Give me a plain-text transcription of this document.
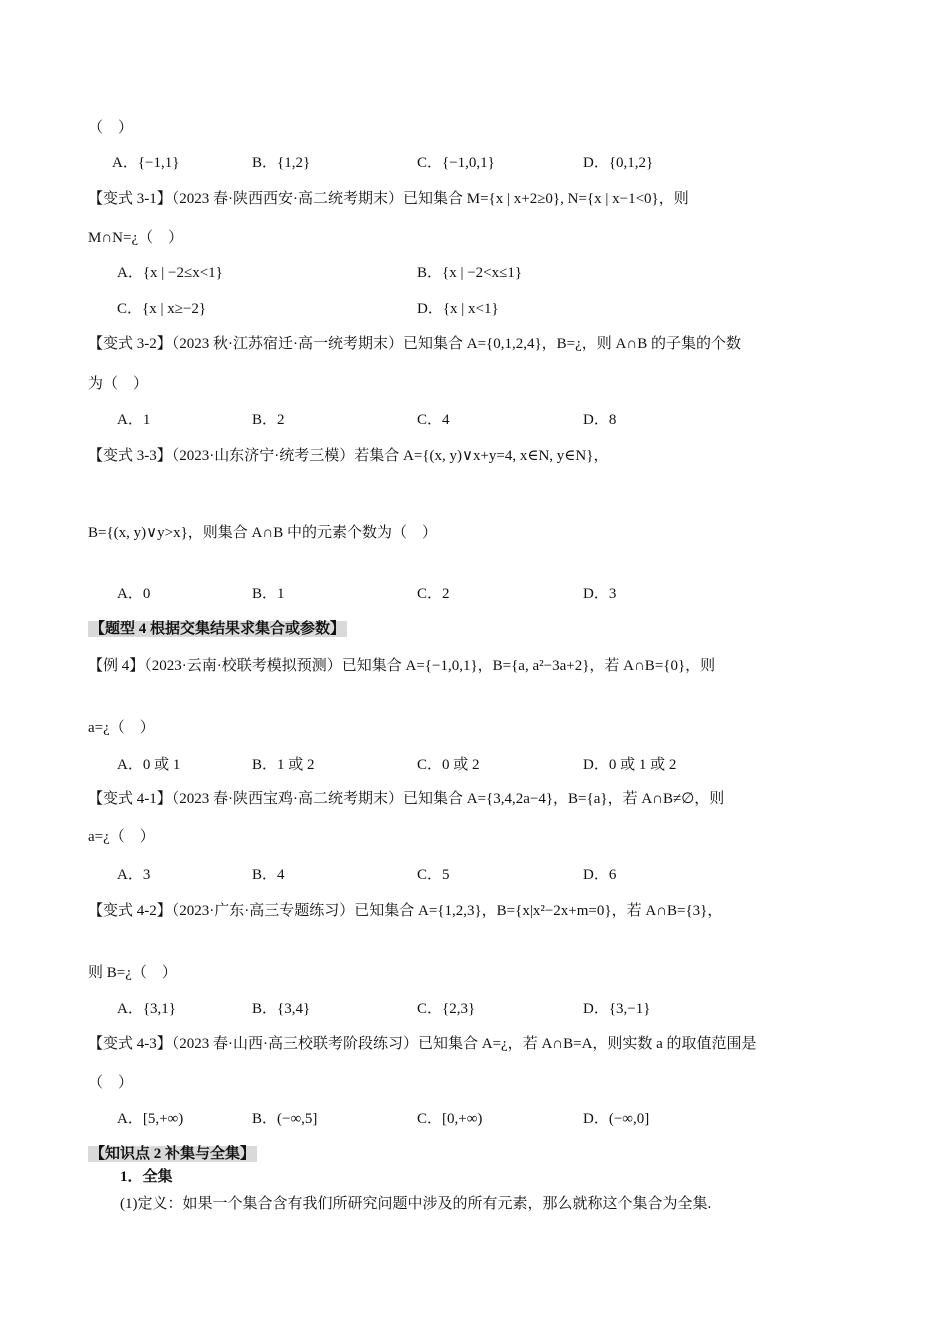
（　）
A．{−1,1}	B．{1,2}	C．{−1,0,1}	D．{0,1,2}
【变式 3-1】（2023 春·陕西西安·高二统考期末）已知集合 M={x | x+2≥0}, N={x | x−1<0}，则
M∩N=¿（　）
A．{x | −2≤x<1}	B．{x | −2<x≤1}
C．{x | x≥−2}	D．{x | x<1}
【变式 3-2】（2023 秋·江苏宿迁·高一统考期末）已知集合 A={0,1,2,4}，B=¿，则 A∩B 的子集的个数
为（　）
A．1	B．2	C．4	D．8
【变式 3-3】（2023·山东济宁·统考三模）若集合 A={(x, y)∨x+y=4, x∈N, y∈N}，
B={(x, y)∨y>x}，则集合 A∩B 中的元素个数为（　）
A．0	B．1	C．2	D．3
【题型 4 根据交集结果求集合或参数】
【例 4】（2023·云南·校联考模拟预测）已知集合 A={−1,0,1}，B={a, a²−3a+2}，若 A∩B={0}，则
a=¿（　）
A．0 或 1	B．1 或 2	C．0 或 2	D．0 或 1 或 2
【变式 4-1】（2023 春·陕西宝鸡·高二统考期末）已知集合 A={3,4,2a−4}，B={a}，若 A∩B≠∅，则
a=¿（　）
A．3	B．4	C．5	D．6
【变式 4-2】（2023·广东·高三专题练习）已知集合 A={1,2,3}，B={x|x²−2x+m=0}，若 A∩B={3}，
则 B=¿（　）
A．{3,1}	B．{3,4}	C．{2,3}	D．{3,−1}
【变式 4-3】（2023 春·山西·高三校联考阶段练习）已知集合 A=¿，若 A∩B=A，则实数 a 的取值范围是
（　）
A．[5,+∞)	B．(−∞,5]	C．[0,+∞)	D．(−∞,0]
【知识点 2 补集与全集】
1．全集
(1)定义：如果一个集合含有我们所研究问题中涉及的所有元素，那么就称这个集合为全集.
